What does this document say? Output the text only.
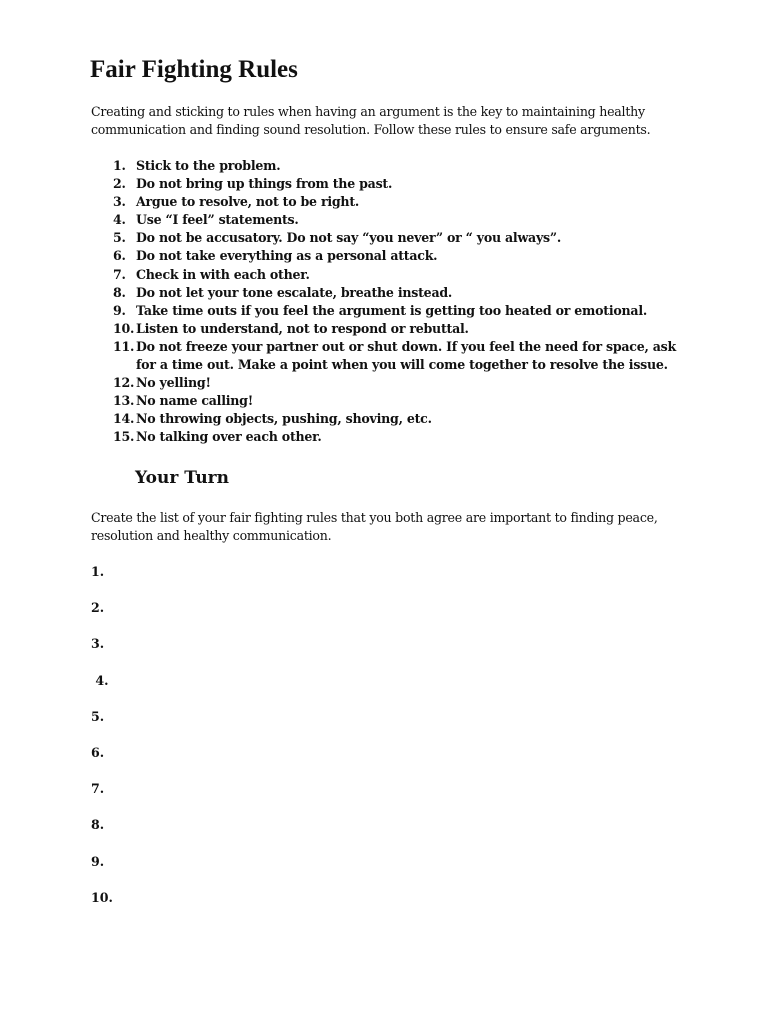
Fair Fighting Rules

Creating and sticking to rules when having an argument is the key to maintaining healthy
communication and finding sound resolution. Follow these rules to ensure safe arguments.

1. Stick to the problem.
2. Do not bring up things from the past.
3. Argue to resolve, not to be right.
4. Use “I feel” statements.
5. Do not be accusatory. Do not say “you never” or “ you always”.
6. Do not take everything as a personal attack.
7. Check in with each other.
8. Do not let your tone escalate, breathe instead.
9. Take time outs if you feel the argument is getting too heated or emotional.
10. Listen to understand, not to respond or rebuttal.
11. Do not freeze your partner out or shut down. If you feel the need for space, ask
for a time out. Make a point when you will come together to resolve the issue.
12. No yelling!
13. No name calling!
14. No throwing objects, pushing, shoving, etc.
15. No talking over each other.
Your Turn

Create the list of your fair fighting rules that you both agree are important to finding peace,
resolution and healthy communication.

1.
2.
3.
4.
5.
6.
7.
8.
9.
10.
